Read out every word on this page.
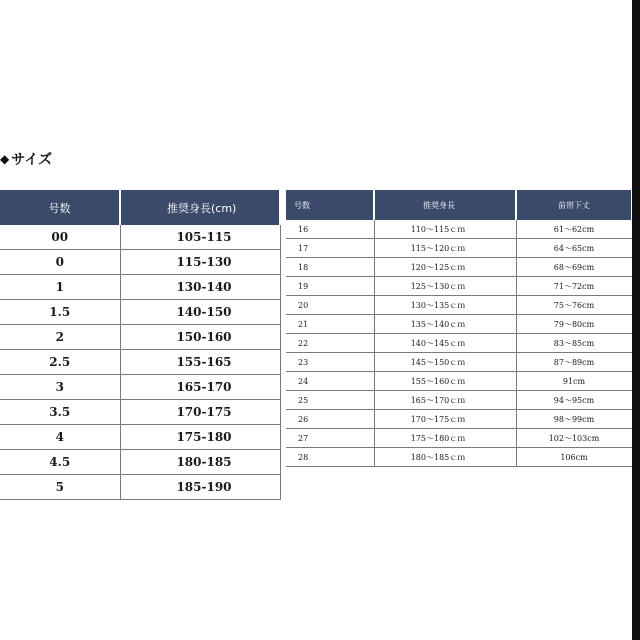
◆ サイズ
号数	推奨身長(cm)
00	105-115
0	115-130
1	130-140
1.5	140-150
2	150-160
2.5	155-165
3	165-170
3.5	170-175
4	175-180
4.5	180-185
5	185-190
号数	推奨身長	前帯下丈
16	110～115ｃｍ	61～62cm
17	115～120ｃｍ	64～65cm
18	120～125ｃｍ	68～69cm
19	125～130ｃｍ	71～72cm
20	130～135ｃｍ	75～76cm
21	135～140ｃｍ	79～80cm
22	140～145ｃｍ	83～85cm
23	145～150ｃｍ	87～89cm
24	155～160ｃｍ	91cm
25	165～170ｃｍ	94～95cm
26	170～175ｃｍ	98～99cm
27	175～180ｃｍ	102～103cm
28	180～185ｃｍ	106cm
